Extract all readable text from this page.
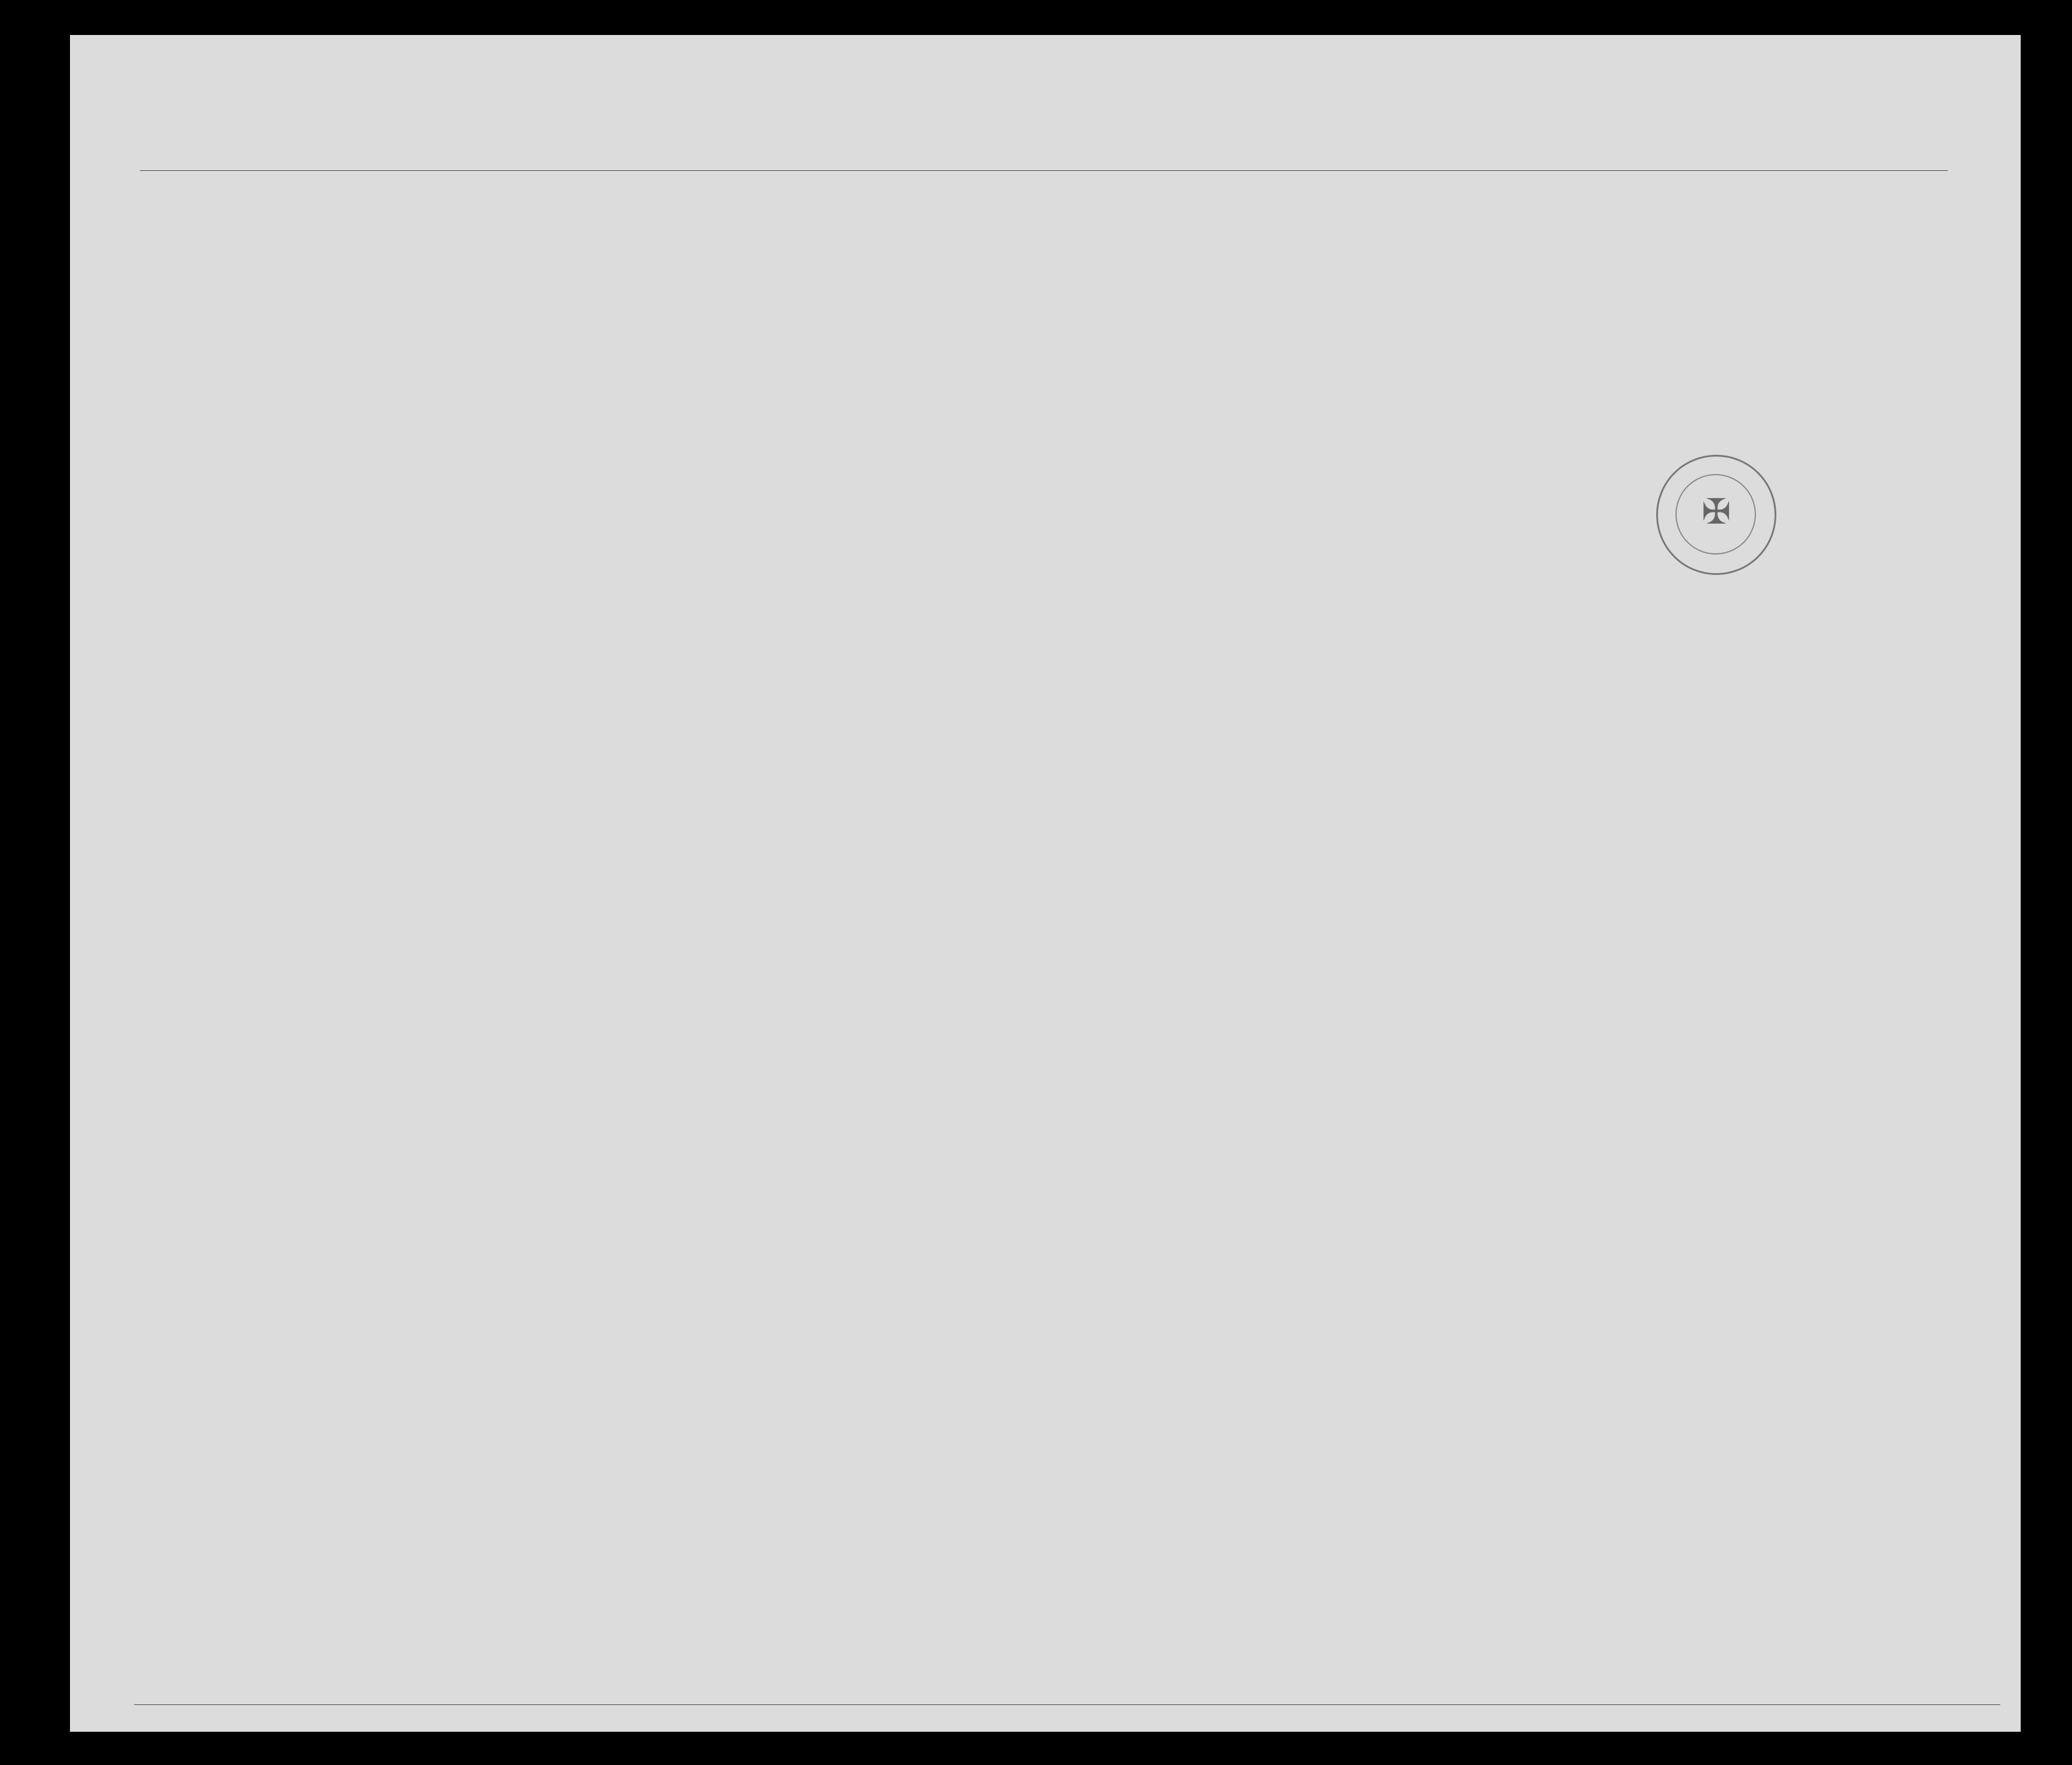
✠
